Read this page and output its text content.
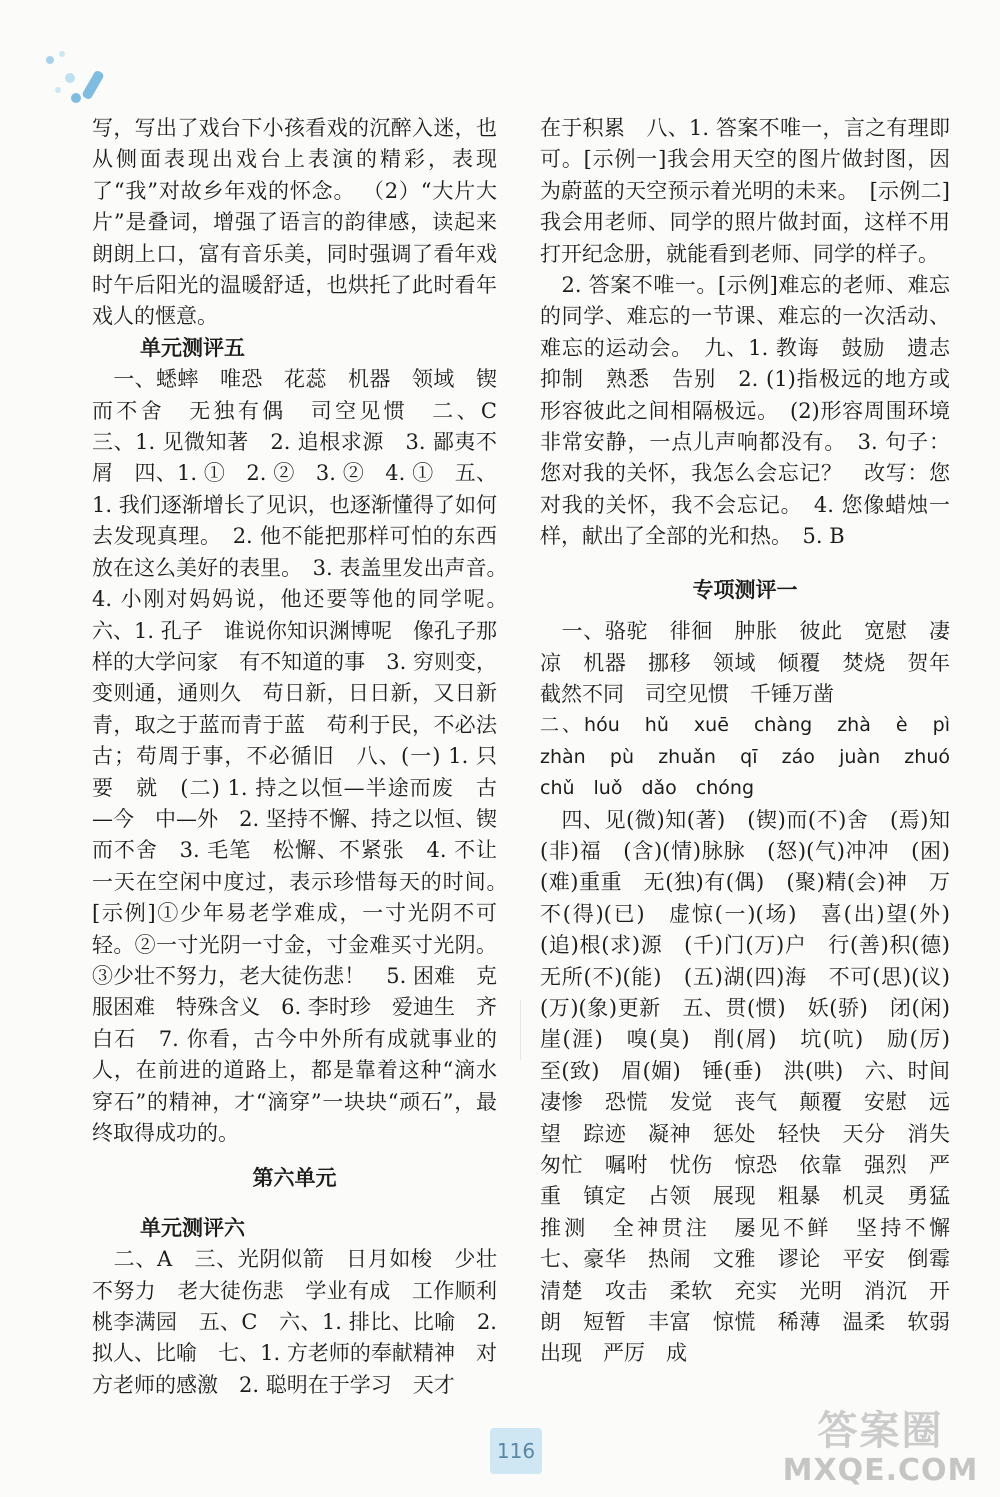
写，写出了戏台下小孩看戏的沉醉入迷，也从侧面表现出戏台上表演的精彩，表现了“我”对故乡年戏的怀念。 （2）“大片大片”是叠词，增强了语言的韵律感，读起来朗朗上口，富有音乐美，同时强调了看年戏时午后阳光的温暖舒适，也烘托了此时看年戏人的惬意。

单元测评五

　一、蟋蟀　唯恐　花蕊　机器　领域　锲而不舍　无独有偶　司空见惯　二、C　三、1. 见微知著　2. 追根求源　3. 鄙夷不屑　四、1. ①　2. ②　3. ②　4. ①　五、1. 我们逐渐增长了见识，也逐渐懂得了如何去发现真理。　2. 他不能把那样可怕的东西放在这么美好的表里。　3. 表盖里发出声音。　4. 小刚对妈妈说，他还要等他的同学呢。　六、1. 孔子　谁说你知识渊博呢　像孔子那样的大学问家　有不知道的事　3. 穷则变，变则通，通则久　苟日新，日日新，又日新　青，取之于蓝而青于蓝　苟利于民，不必法古；苟周于事，不必循旧　八、(一) 1. 只要　就　(二) 1. 持之以恒—半途而废　古—今　中—外　2. 坚持不懈、持之以恒、锲而不舍　3. 毛笔　松懈、不紧张　4. 不让一天在空闲中度过，表示珍惜每天的时间。　[示例]①少年易老学难成，一寸光阴不可轻。②一寸光阴一寸金，寸金难买寸光阴。③少壮不努力，老大徒伤悲！　5. 困难　克服困难　特殊含义　6. 李时珍　爱迪生　齐白石　7. 你看，古今中外所有成就事业的人，在前进的道路上，都是靠着这种“滴水穿石”的精神，才“滴穿”一块块“顽石”，最终取得成功的。

第六单元

单元测评六

　二、A　三、光阴似箭　日月如梭　少壮不努力　老大徒伤悲　学业有成　工作顺利　桃李满园　五、C　六、1. 排比、比喻　2. 拟人、比喻　七、1. 方老师的奉献精神　对方老师的感激　2. 聪明在于学习　天才

在于积累　八、1. 答案不唯一，言之有理即可。[示例一]我会用天空的图片做封图，因为蔚蓝的天空预示着光明的未来。　[示例二]我会用老师、同学的照片做封面，这样不用打开纪念册，就能看到老师、同学的样子。

　2. 答案不唯一。[示例]难忘的老师、难忘的同学、难忘的一节课、难忘的一次活动、难忘的运动会。　九、1. 教诲　鼓励　遗志　抑制　熟悉　告别　2. (1)指极远的地方或形容彼此之间相隔极远。　(2)形容周围环境非常安静，一点儿声响都没有。　3. 句子：您对我的关怀，我怎么会忘记？　改写：您对我的关怀，我不会忘记。　4. 您像蜡烛一样，献出了全部的光和热。　5. B

专项测评一

　一、骆驼　徘徊　肿胀　彼此　宽慰　凄凉　机器　挪移　领域　倾覆　焚烧　贺年　截然不同　司空见惯　千锤万凿

二、hóu　hǔ　xuē　chàng　zhà　è　pì　zhàn　pù　zhuǎn　qī　záo　juàn　zhuó　chǔ　luǒ　dǎo　chóng

　四、见(微)知(著)　(锲)而(不)舍　(焉)知(非)福　(含)(情)脉脉　(怒)(气)冲冲　(困)(难)重重　无(独)有(偶)　(聚)精(会)神　万不(得)(已)　虚惊(一)(场)　喜(出)望(外)　(追)根(求)源　(千)门(万)户　行(善)积(德)　无所(不)(能)　(五)湖(四)海　不可(思)(议)　(万)(象)更新　五、贯(惯)　妖(骄)　闭(闲)　崖(涯)　嗅(臭)　削(屑)　坑(吭)　励(厉)　至(致)　眉(媚)　锤(垂)　洪(哄)　六、时间　凄惨　恐慌　发觉　丧气　颠覆　安慰　远望　踪迹　凝神　惩处　轻快　天分　消失　匆忙　嘱咐　忧伤　惊恐　依靠　强烈　严重　镇定　占领　展现　粗暴　机灵　勇猛　推测　全神贯注　屡见不鲜　坚持不懈　七、豪华　热闹　文雅　谬论　平安　倒霉　清楚　攻击　柔软　充实　光明　消沉　开朗　短暂　丰富　惊慌　稀薄　温柔　软弱　出现　严厉　成

116	答案圈
MXQE.COM
